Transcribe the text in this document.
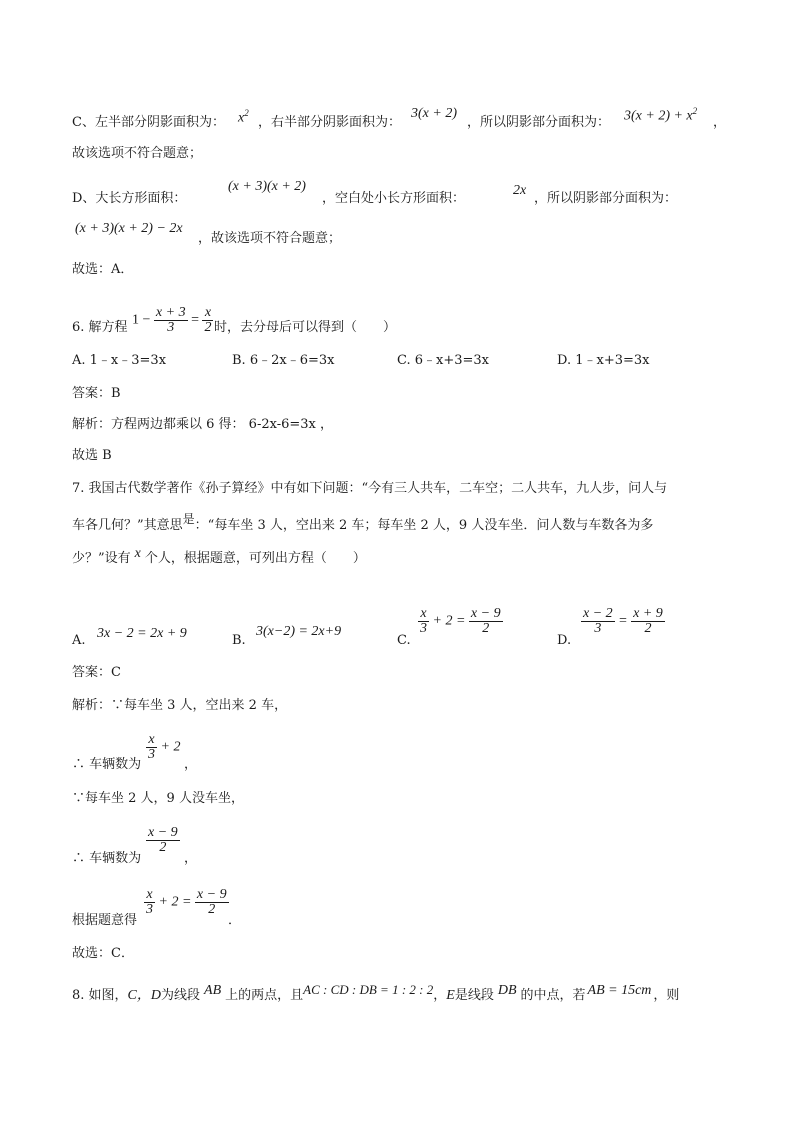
C、左半部分阴影面积为： $x^2$
，右半部分阴影面积为：
3(x + 2)
，所以阴影部分面积为： $3(x + 2) + x^2$
，
故该选项不符合题意；
D、大长方形面积：
(x + 3)(x + 2)
，空白处小长方形面积：
2x
，所以阴影部分面积为：
(x + 3)(x + 2) − 2x
，故该选项不符合题意；
故选：A．
6. 解方程 $1 - \frac{x + 3}{3} = \frac{x}{2}$ 时，去分母后可以得到（　　）
A. 1﹣x﹣3=3x	B. 6﹣2x﹣6=3x	C. 6﹣x+3=3x	D. 1﹣x+3=3x
答案：B
解析：方程两边都乘以 6 得： 6-2x-6=3x ，
故选 B
7. 我国古代数学著作《孙子算经》中有如下问题：“今有三人共车，二车空；二人共车，九人步，问人与
车各几何？”其意思是：“每车坐 3 人，空出来 2 车；每车坐 2 人，9 人没车坐．问人数与车数各为多
少？”设有 x 个人，根据题意，可列出方程（　　）
A. 3x − 2 = 2x + 9	B.
3(x−2) = 2x+9
C.
$\frac{x}{3} + 2 = \frac{x - 9}{2}$
D.
$\frac{x - 2}{3} = \frac{x + 9}{2}$
答案：C
解析：∵每车坐 3 人，空出来 2 车，
∴ 车辆数为
$\frac{x}{3} + 2$
，
∵每车坐 2 人，9 人没车坐，
∴ 车辆数为
$\frac{x - 9}{2}$
，
根据题意得
$\frac{x}{3} + 2 = \frac{x - 9}{2}$
．
故选：C．
8. 如图，C，D为线段 AB 上的两点，且AC : CD : DB = 1 : 2 : 2，E是线段 DB 的中点，若 AB = 15cm ，则
